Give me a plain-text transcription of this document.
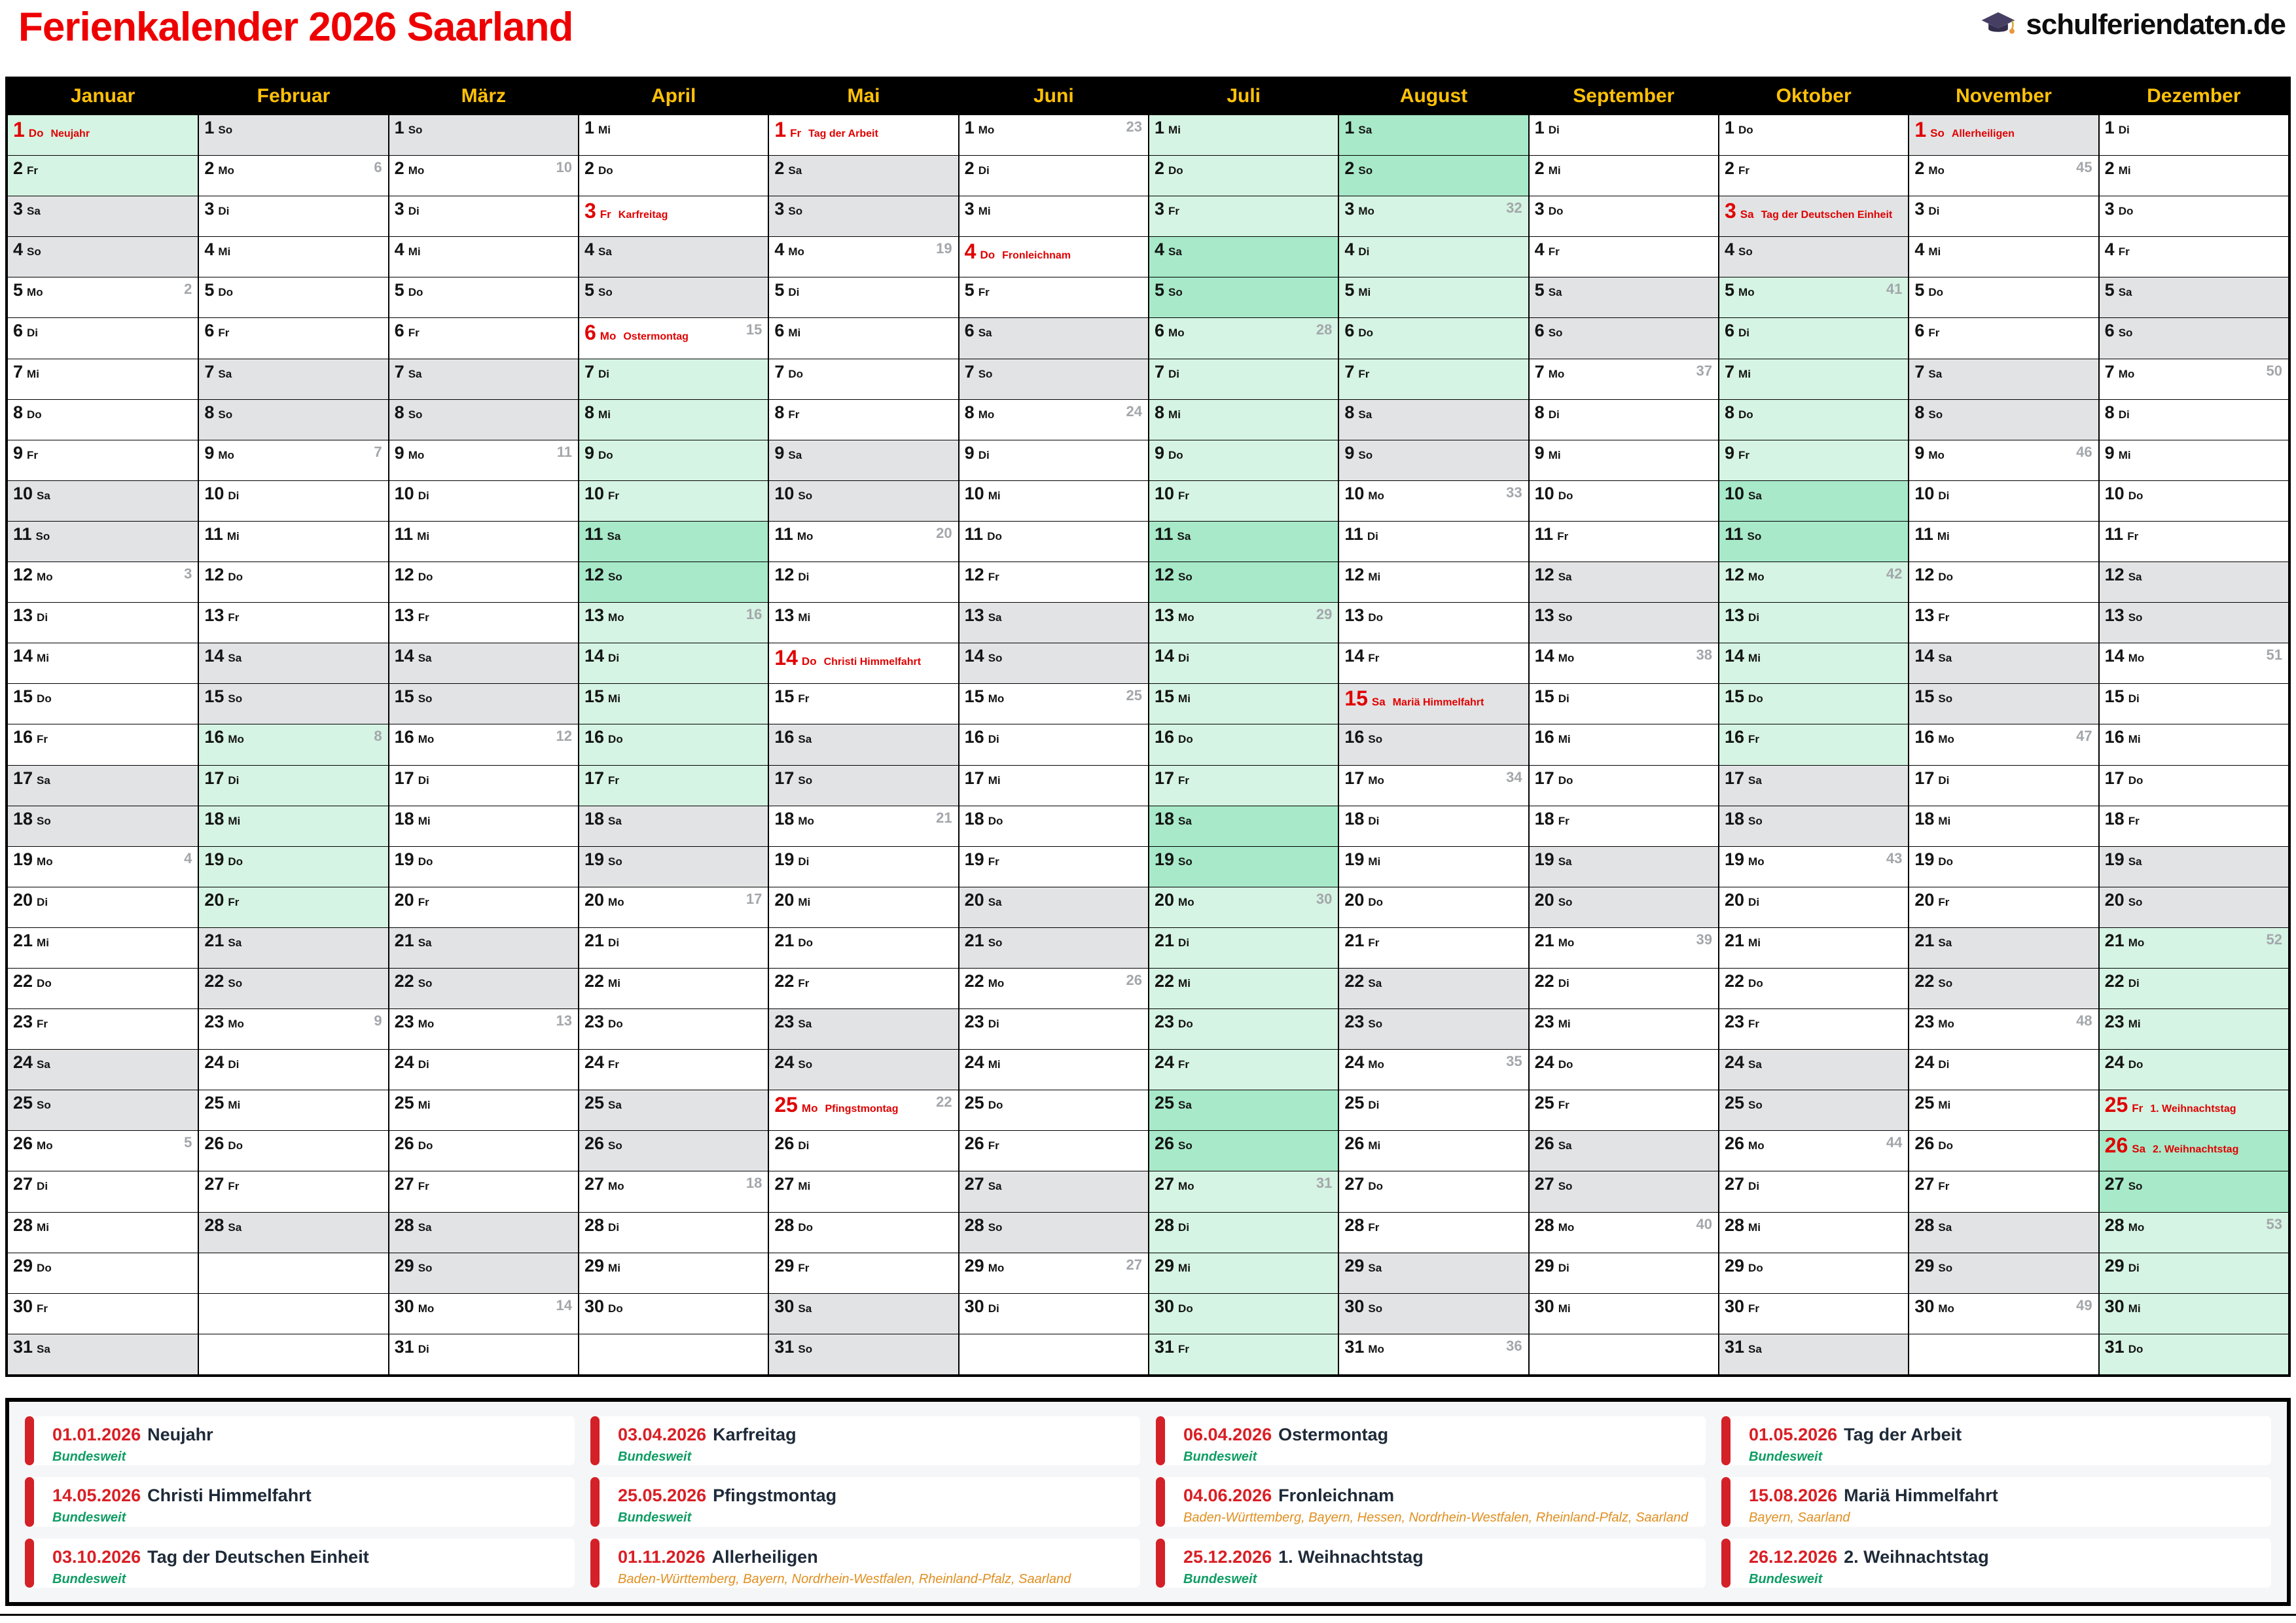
Ferienkalender 2026 Saarland	schulferiendaten.de
Januar
1 Do Neujahr
2 Fr
3 Sa
4 So
5 Mo	2
6 Di
7 Mi
8 Do
9 Fr
10 Sa
11 So
12 Mo	3
13 Di
14 Mi
15 Do
16 Fr
17 Sa
18 So
19 Mo	4
20 Di
21 Mi
22 Do
23 Fr
24 Sa
25 So
26 Mo	5
27 Di
28 Mi
29 Do
30 Fr
31 Sa
Februar
1 So
2 Mo	6
3 Di
4 Mi
5 Do
6 Fr
7 Sa
8 So
9 Mo	7
10 Di
11 Mi
12 Do
13 Fr
14 Sa
15 So
16 Mo	8
17 Di
18 Mi
19 Do
20 Fr
21 Sa
22 So
23 Mo	9
24 Di
25 Mi
26 Do
27 Fr
28 Sa
März
1 So
2 Mo	10
3 Di
4 Mi
5 Do
6 Fr
7 Sa
8 So
9 Mo	11
10 Di
11 Mi
12 Do
13 Fr
14 Sa
15 So
16 Mo	12
17 Di
18 Mi
19 Do
20 Fr
21 Sa
22 So
23 Mo	13
24 Di
25 Mi
26 Do
27 Fr
28 Sa
29 So
30 Mo	14
31 Di
April
1 Mi
2 Do
3 Fr Karfreitag
4 Sa
5 So
6 Mo Ostermontag	15
7 Di
8 Mi
9 Do
10 Fr
11 Sa
12 So
13 Mo	16
14 Di
15 Mi
16 Do
17 Fr
18 Sa
19 So
20 Mo	17
21 Di
22 Mi
23 Do
24 Fr
25 Sa
26 So
27 Mo	18
28 Di
29 Mi
30 Do
Mai
1 Fr Tag der Arbeit
2 Sa
3 So
4 Mo	19
5 Di
6 Mi
7 Do
8 Fr
9 Sa
10 So
11 Mo	20
12 Di
13 Mi
14 Do Christi Himmelfahrt
15 Fr
16 Sa
17 So
18 Mo	21
19 Di
20 Mi
21 Do
22 Fr
23 Sa
24 So
25 Mo Pfingstmontag	22
26 Di
27 Mi
28 Do
29 Fr
30 Sa
31 So
Juni
1 Mo	23
2 Di
3 Mi
4 Do Fronleichnam
5 Fr
6 Sa
7 So
8 Mo	24
9 Di
10 Mi
11 Do
12 Fr
13 Sa
14 So
15 Mo	25
16 Di
17 Mi
18 Do
19 Fr
20 Sa
21 So
22 Mo	26
23 Di
24 Mi
25 Do
26 Fr
27 Sa
28 So
29 Mo	27
30 Di
Juli
1 Mi
2 Do
3 Fr
4 Sa
5 So
6 Mo	28
7 Di
8 Mi
9 Do
10 Fr
11 Sa
12 So
13 Mo	29
14 Di
15 Mi
16 Do
17 Fr
18 Sa
19 So
20 Mo	30
21 Di
22 Mi
23 Do
24 Fr
25 Sa
26 So
27 Mo	31
28 Di
29 Mi
30 Do
31 Fr
August
1 Sa
2 So
3 Mo	32
4 Di
5 Mi
6 Do
7 Fr
8 Sa
9 So
10 Mo	33
11 Di
12 Mi
13 Do
14 Fr
15 Sa Mariä Himmelfahrt
16 So
17 Mo	34
18 Di
19 Mi
20 Do
21 Fr
22 Sa
23 So
24 Mo	35
25 Di
26 Mi
27 Do
28 Fr
29 Sa
30 So
31 Mo	36
September
1 Di
2 Mi
3 Do
4 Fr
5 Sa
6 So
7 Mo	37
8 Di
9 Mi
10 Do
11 Fr
12 Sa
13 So
14 Mo	38
15 Di
16 Mi
17 Do
18 Fr
19 Sa
20 So
21 Mo	39
22 Di
23 Mi
24 Do
25 Fr
26 Sa
27 So
28 Mo	40
29 Di
30 Mi
Oktober
1 Do
2 Fr
3 Sa Tag der Deutschen Einheit
4 So
5 Mo	41
6 Di
7 Mi
8 Do
9 Fr
10 Sa
11 So
12 Mo	42
13 Di
14 Mi
15 Do
16 Fr
17 Sa
18 So
19 Mo	43
20 Di
21 Mi
22 Do
23 Fr
24 Sa
25 So
26 Mo	44
27 Di
28 Mi
29 Do
30 Fr
31 Sa
November
1 So Allerheiligen
2 Mo	45
3 Di
4 Mi
5 Do
6 Fr
7 Sa
8 So
9 Mo	46
10 Di
11 Mi
12 Do
13 Fr
14 Sa
15 So
16 Mo	47
17 Di
18 Mi
19 Do
20 Fr
21 Sa
22 So
23 Mo	48
24 Di
25 Mi
26 Do
27 Fr
28 Sa
29 So
30 Mo	49
Dezember
1 Di
2 Mi
3 Do
4 Fr
5 Sa
6 So
7 Mo	50
8 Di
9 Mi
10 Do
11 Fr
12 Sa
13 So
14 Mo	51
15 Di
16 Mi
17 Do
18 Fr
19 Sa
20 So
21 Mo	52
22 Di
23 Mi
24 Do
25 Fr 1. Weihnachtstag
26 Sa 2. Weihnachtstag
27 So
28 Mo	53
29 Di
30 Mi
31 Do
01.01.2026 Neujahr
Bundesweit
03.04.2026 Karfreitag
Bundesweit
06.04.2026 Ostermontag
Bundesweit
01.05.2026 Tag der Arbeit
Bundesweit
14.05.2026 Christi Himmelfahrt
Bundesweit
25.05.2026 Pfingstmontag
Bundesweit
04.06.2026 Fronleichnam
Baden-Württemberg, Bayern, Hessen, Nordrhein-Westfalen, Rheinland-Pfalz, Saarland
15.08.2026 Mariä Himmelfahrt
Bayern, Saarland
03.10.2026 Tag der Deutschen Einheit
Bundesweit
01.11.2026 Allerheiligen
Baden-Württemberg, Bayern, Nordrhein-Westfalen, Rheinland-Pfalz, Saarland
25.12.2026 1. Weihnachtstag
Bundesweit
26.12.2026 2. Weihnachtstag
Bundesweit
